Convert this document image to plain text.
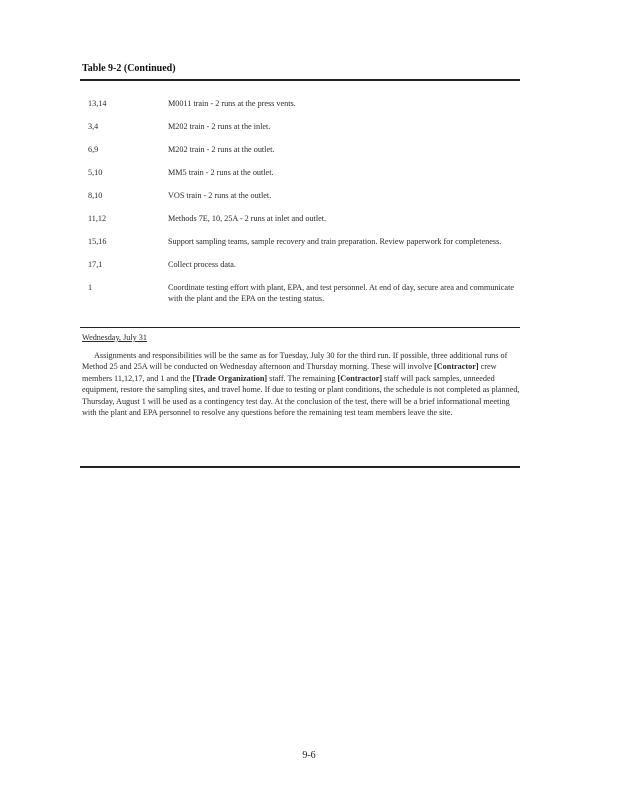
Table 9-2 (Continued)
13,14	M0011 train - 2 runs at the press vents.
3,4	M202 train - 2 runs at the inlet.
6,9	M202 train - 2 runs at the outlet.
5,10	MM5 train - 2 runs at the outlet.
8,10	VOS train - 2 runs at the outlet.
11,12	Methods 7E, 10, 25A - 2 runs at inlet and outlet.
15,16	Support sampling teams, sample recovery and train preparation. Review paperwork for completeness.
17,1	Collect process data.
1	Coordinate testing effort with plant, EPA, and test personnel. At end of day, secure area and communicate with the plant and the EPA on the testing status.
Wednesday, July 31

Assignments and responsibilities will be the same as for Tuesday, July 30 for the third run. If possible, three additional runs of Method 25 and 25A will be conducted on Wednesday afternoon and Thursday morning. These will involve [Contractor] crew members 11,12,17, and 1 and the [Trade Organization] staff. The remaining [Contractor] staff will pack samples, unneeded equipment, restore the sampling sites, and travel home. If due to testing or plant conditions, the schedule is not completed as planned, Thursday, August 1 will be used as a contingency test day. At the conclusion of the test, there will be a brief informational meeting with the plant and EPA personnel to resolve any questions before the remaining test team members leave the site.

9-6
